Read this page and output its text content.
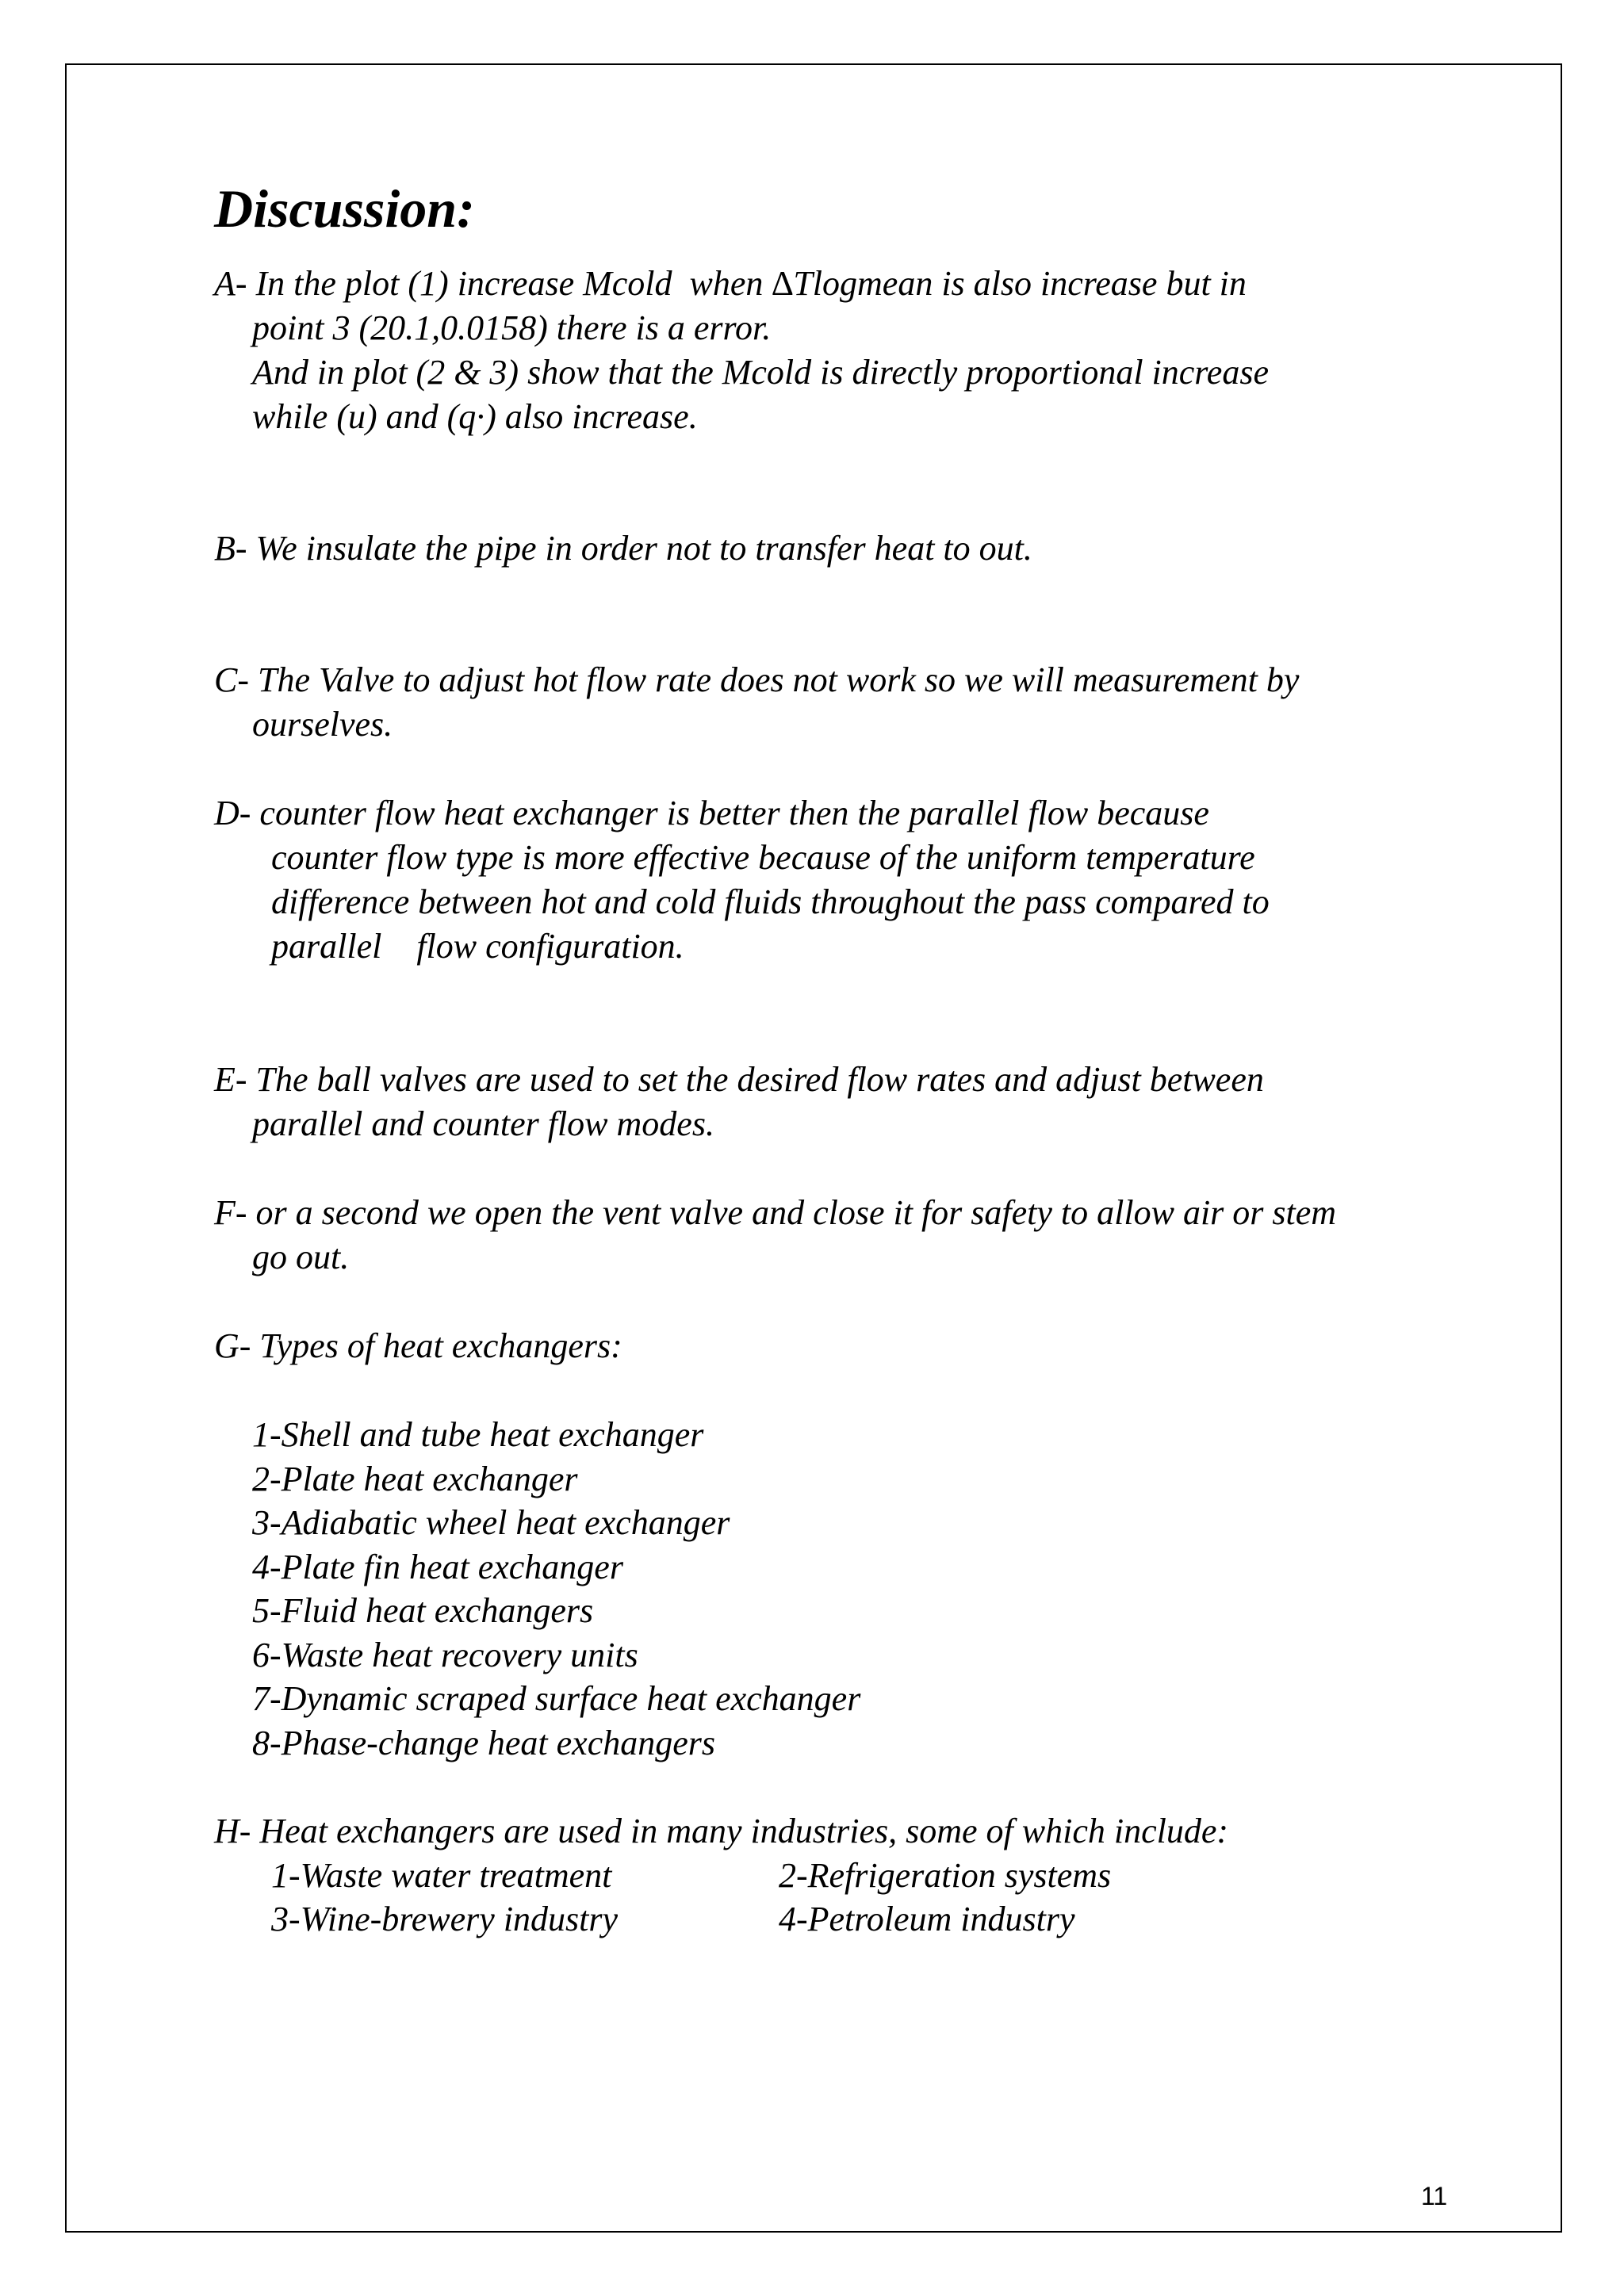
Discussion:
A- In the plot (1) increase Mcold  when ∆Tlogmean is also increase but in
point 3 (20.1,0.0158) there is a error.
And in plot (2 & 3) show that the Mcold is directly proportional increase
while (u) and (q·) also increase.
B- We insulate the pipe in order not to transfer heat to out.
C- The Valve to adjust hot flow rate does not work so we will measurement by
ourselves.
D- counter flow heat exchanger is better then the parallel flow because
counter flow type is more effective because of the uniform temperature
difference between hot and cold fluids throughout the pass compared to
parallel    flow configuration.
E- The ball valves are used to set the desired flow rates and adjust between
parallel and counter flow modes.
F- or a second we open the vent valve and close it for safety to allow air or stem
go out.
G- Types of heat exchangers:
1-Shell and tube heat exchanger
2-Plate heat exchanger
3-Adiabatic wheel heat exchanger
4-Plate fin heat exchanger
5-Fluid heat exchangers
6-Waste heat recovery units
7-Dynamic scraped surface heat exchanger
8-Phase-change heat exchangers
H- Heat exchangers are used in many industries, some of which include:
1-Waste water treatment	2-Refrigeration systems
3-Wine-brewery industry	4-Petroleum industry
11
